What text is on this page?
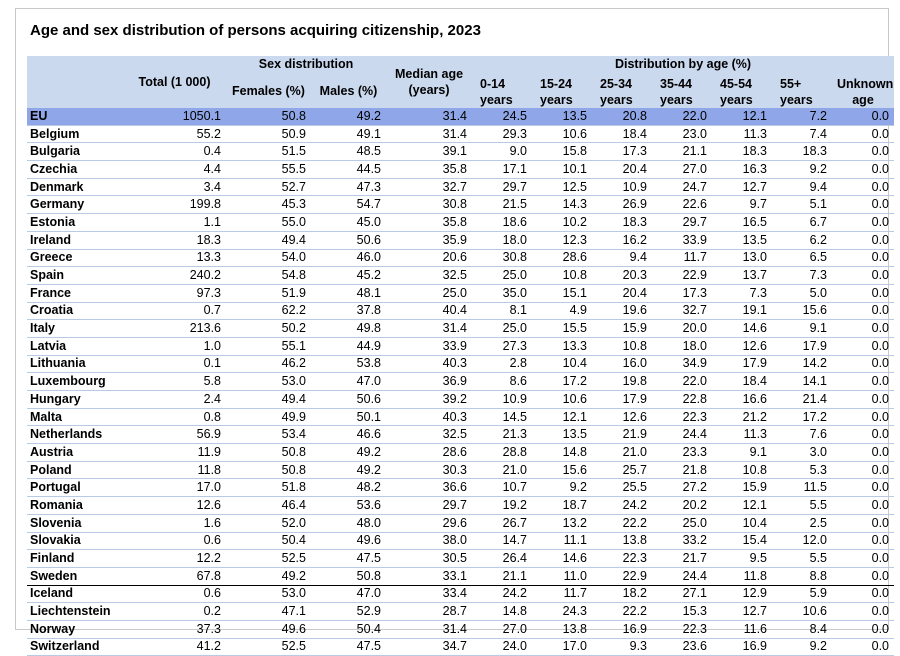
Age and sex distribution of persons acquiring citizenship, 2023
	Total (1 000)	Sex distribution		Median age (years)	Distribution by age (%)						
		Females (%)	Males (%)		0-14 years	15-24 years	25-34 years	35-44 years	45-54 years	55+ years	Unknown age
EU	1050.1	50.8	49.2	31.4	24.5	13.5	20.8	22.0	12.1	7.2	0.0
Belgium	55.2	50.9	49.1	31.4	29.3	10.6	18.4	23.0	11.3	7.4	0.0
Bulgaria	0.4	51.5	48.5	39.1	9.0	15.8	17.3	21.1	18.3	18.3	0.0
Czechia	4.4	55.5	44.5	35.8	17.1	10.1	20.4	27.0	16.3	9.2	0.0
Denmark	3.4	52.7	47.3	32.7	29.7	12.5	10.9	24.7	12.7	9.4	0.0
Germany	199.8	45.3	54.7	30.8	21.5	14.3	26.9	22.6	9.7	5.1	0.0
Estonia	1.1	55.0	45.0	35.8	18.6	10.2	18.3	29.7	16.5	6.7	0.0
Ireland	18.3	49.4	50.6	35.9	18.0	12.3	16.2	33.9	13.5	6.2	0.0
Greece	13.3	54.0	46.0	20.6	30.8	28.6	9.4	11.7	13.0	6.5	0.0
Spain	240.2	54.8	45.2	32.5	25.0	10.8	20.3	22.9	13.7	7.3	0.0
France	97.3	51.9	48.1	25.0	35.0	15.1	20.4	17.3	7.3	5.0	0.0
Croatia	0.7	62.2	37.8	40.4	8.1	4.9	19.6	32.7	19.1	15.6	0.0
Italy	213.6	50.2	49.8	31.4	25.0	15.5	15.9	20.0	14.6	9.1	0.0
Latvia	1.0	55.1	44.9	33.9	27.3	13.3	10.8	18.0	12.6	17.9	0.0
Lithuania	0.1	46.2	53.8	40.3	2.8	10.4	16.0	34.9	17.9	14.2	0.0
Luxembourg	5.8	53.0	47.0	36.9	8.6	17.2	19.8	22.0	18.4	14.1	0.0
Hungary	2.4	49.4	50.6	39.2	10.9	10.6	17.9	22.8	16.6	21.4	0.0
Malta	0.8	49.9	50.1	40.3	14.5	12.1	12.6	22.3	21.2	17.2	0.0
Netherlands	56.9	53.4	46.6	32.5	21.3	13.5	21.9	24.4	11.3	7.6	0.0
Austria	11.9	50.8	49.2	28.6	28.8	14.8	21.0	23.3	9.1	3.0	0.0
Poland	11.8	50.8	49.2	30.3	21.0	15.6	25.7	21.8	10.8	5.3	0.0
Portugal	17.0	51.8	48.2	36.6	10.7	9.2	25.5	27.2	15.9	11.5	0.0
Romania	12.6	46.4	53.6	29.7	19.2	18.7	24.2	20.2	12.1	5.5	0.0
Slovenia	1.6	52.0	48.0	29.6	26.7	13.2	22.2	25.0	10.4	2.5	0.0
Slovakia	0.6	50.4	49.6	38.0	14.7	11.1	13.8	33.2	15.4	12.0	0.0
Finland	12.2	52.5	47.5	30.5	26.4	14.6	22.3	21.7	9.5	5.5	0.0
Sweden	67.8	49.2	50.8	33.1	21.1	11.0	22.9	24.4	11.8	8.8	0.0
Iceland	0.6	53.0	47.0	33.4	24.2	11.7	18.2	27.1	12.9	5.9	0.0
Liechtenstein	0.2	47.1	52.9	28.7	14.8	24.3	22.2	15.3	12.7	10.6	0.0
Norway	37.3	49.6	50.4	31.4	27.0	13.8	16.9	22.3	11.6	8.4	0.0
Switzerland	41.2	52.5	47.5	34.7	24.0	17.0	9.3	23.6	16.9	9.2	0.0
